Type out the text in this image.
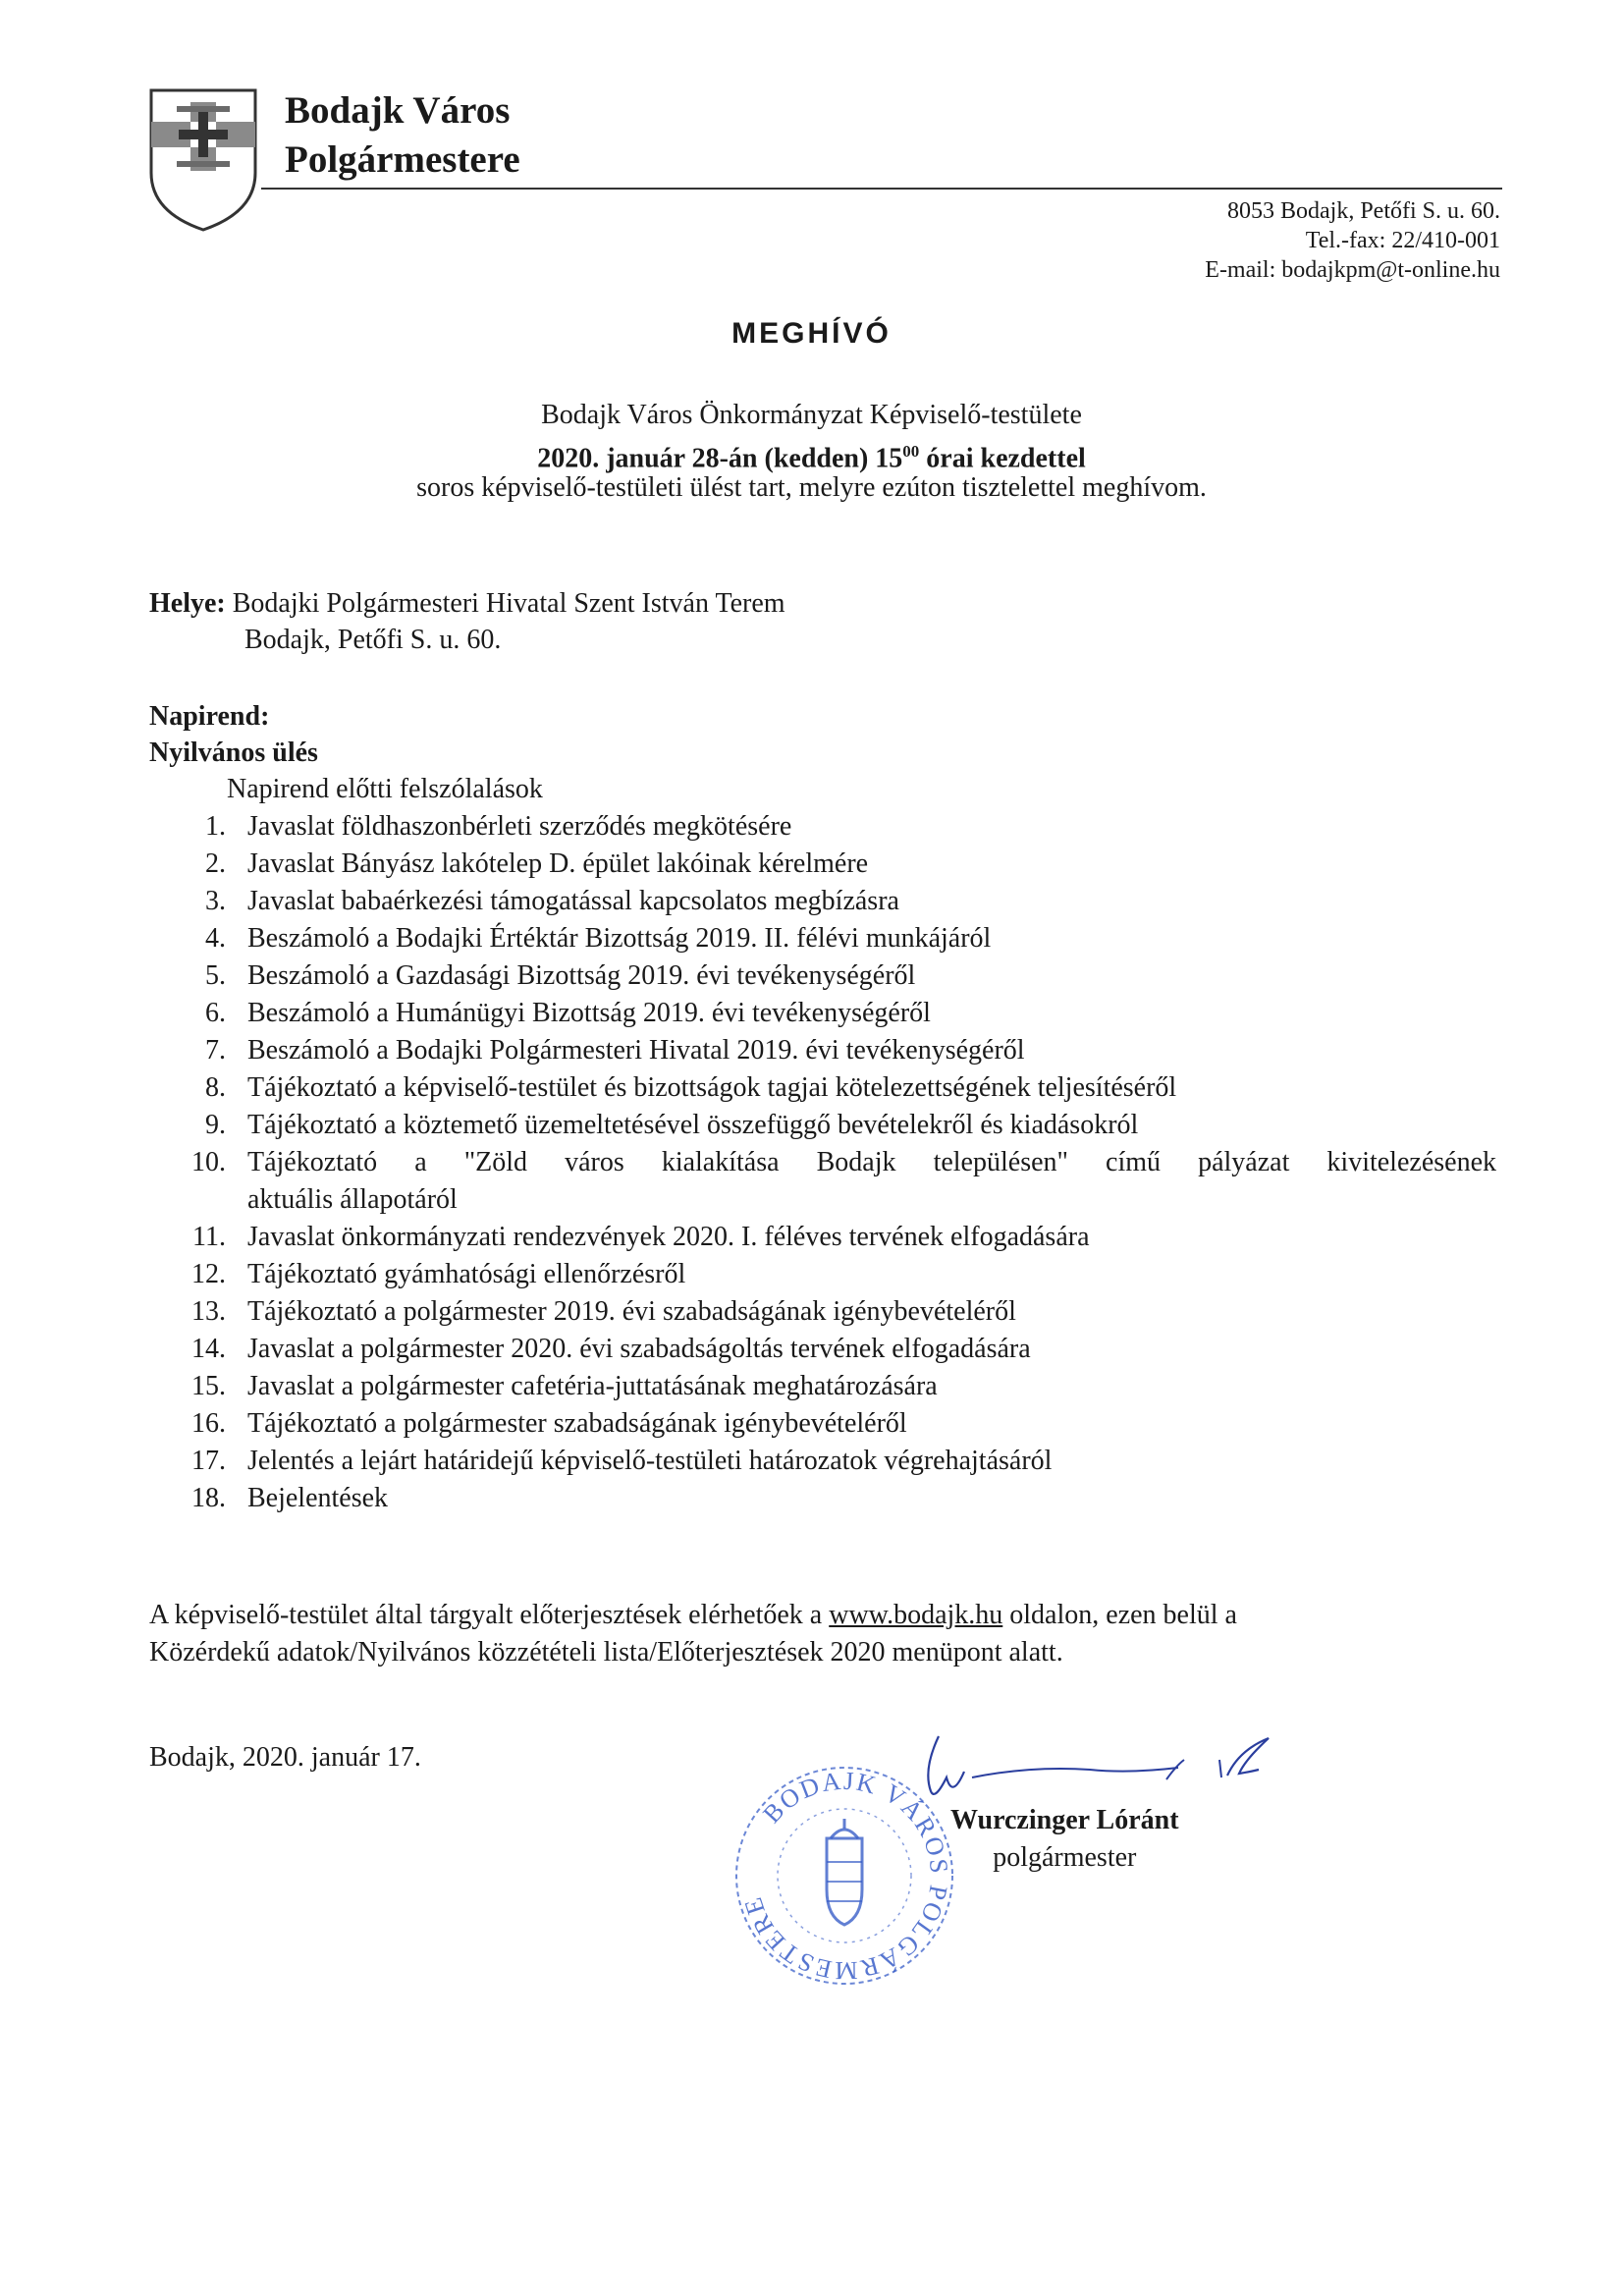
Bodajk Város
Polgármestere
8053 Bodajk, Petőfi S. u. 60.
Tel.-fax: 22/410-001
E-mail: bodajkpm@t-online.hu
MEGHÍVÓ
Bodajk Város Önkormányzat Képviselő-testülete
2020. január 28-án (kedden) $15^{00}$ órai kezdettel
soros képviselő-testületi ülést tart, melyre ezúton tisztelettel meghívom.
Helye: Bodajki Polgármesteri Hivatal Szent István Terem
Bodajk, Petőfi S. u. 60.
Napirend:
Nyilvános ülés
Napirend előtti felszólalások
1. Javaslat földhaszonbérleti szerződés megkötésére
2. Javaslat Bányász lakótelep D. épület lakóinak kérelmére
3. Javaslat babaérkezési támogatással kapcsolatos megbízásra
4. Beszámoló a Bodajki Értéktár Bizottság 2019. II. félévi munkájáról
5. Beszámoló a Gazdasági Bizottság 2019. évi tevékenységéről
6. Beszámoló a Humánügyi Bizottság 2019. évi tevékenységéről
7. Beszámoló a Bodajki Polgármesteri Hivatal 2019. évi tevékenységéről
8. Tájékoztató a képviselő-testület és bizottságok tagjai kötelezettségének teljesítéséről
9. Tájékoztató a köztemető üzemeltetésével összefüggő bevételekről és kiadásokról
10. Tájékoztató a "Zöld város kialakítása Bodajk településen" című pályázat kivitelezésének
aktuális állapotáról
11. Javaslat önkormányzati rendezvények 2020. I. féléves tervének elfogadására
12. Tájékoztató gyámhatósági ellenőrzésről
13. Tájékoztató a polgármester 2019. évi szabadságának igénybevételéről
14. Javaslat a polgármester 2020. évi szabadságoltás tervének elfogadására
15. Javaslat a polgármester cafetéria-juttatásának meghatározására
16. Tájékoztató a polgármester szabadságának igénybevételéről
17. Jelentés a lejárt határidejű képviselő-testületi határozatok végrehajtásáról
18. Bejelentések
A képviselő-testület által tárgyalt előterjesztések elérhetőek a www.bodajk.hu oldalon, ezen belül a
Közérdekű adatok/Nyilvános közzétételi lista/Előterjesztések 2020 menüpont alatt.
Bodajk, 2020. január 17.
BODAJK VÁROS POLGÁRMESTERE
Wurczinger Lóránt
polgármester
